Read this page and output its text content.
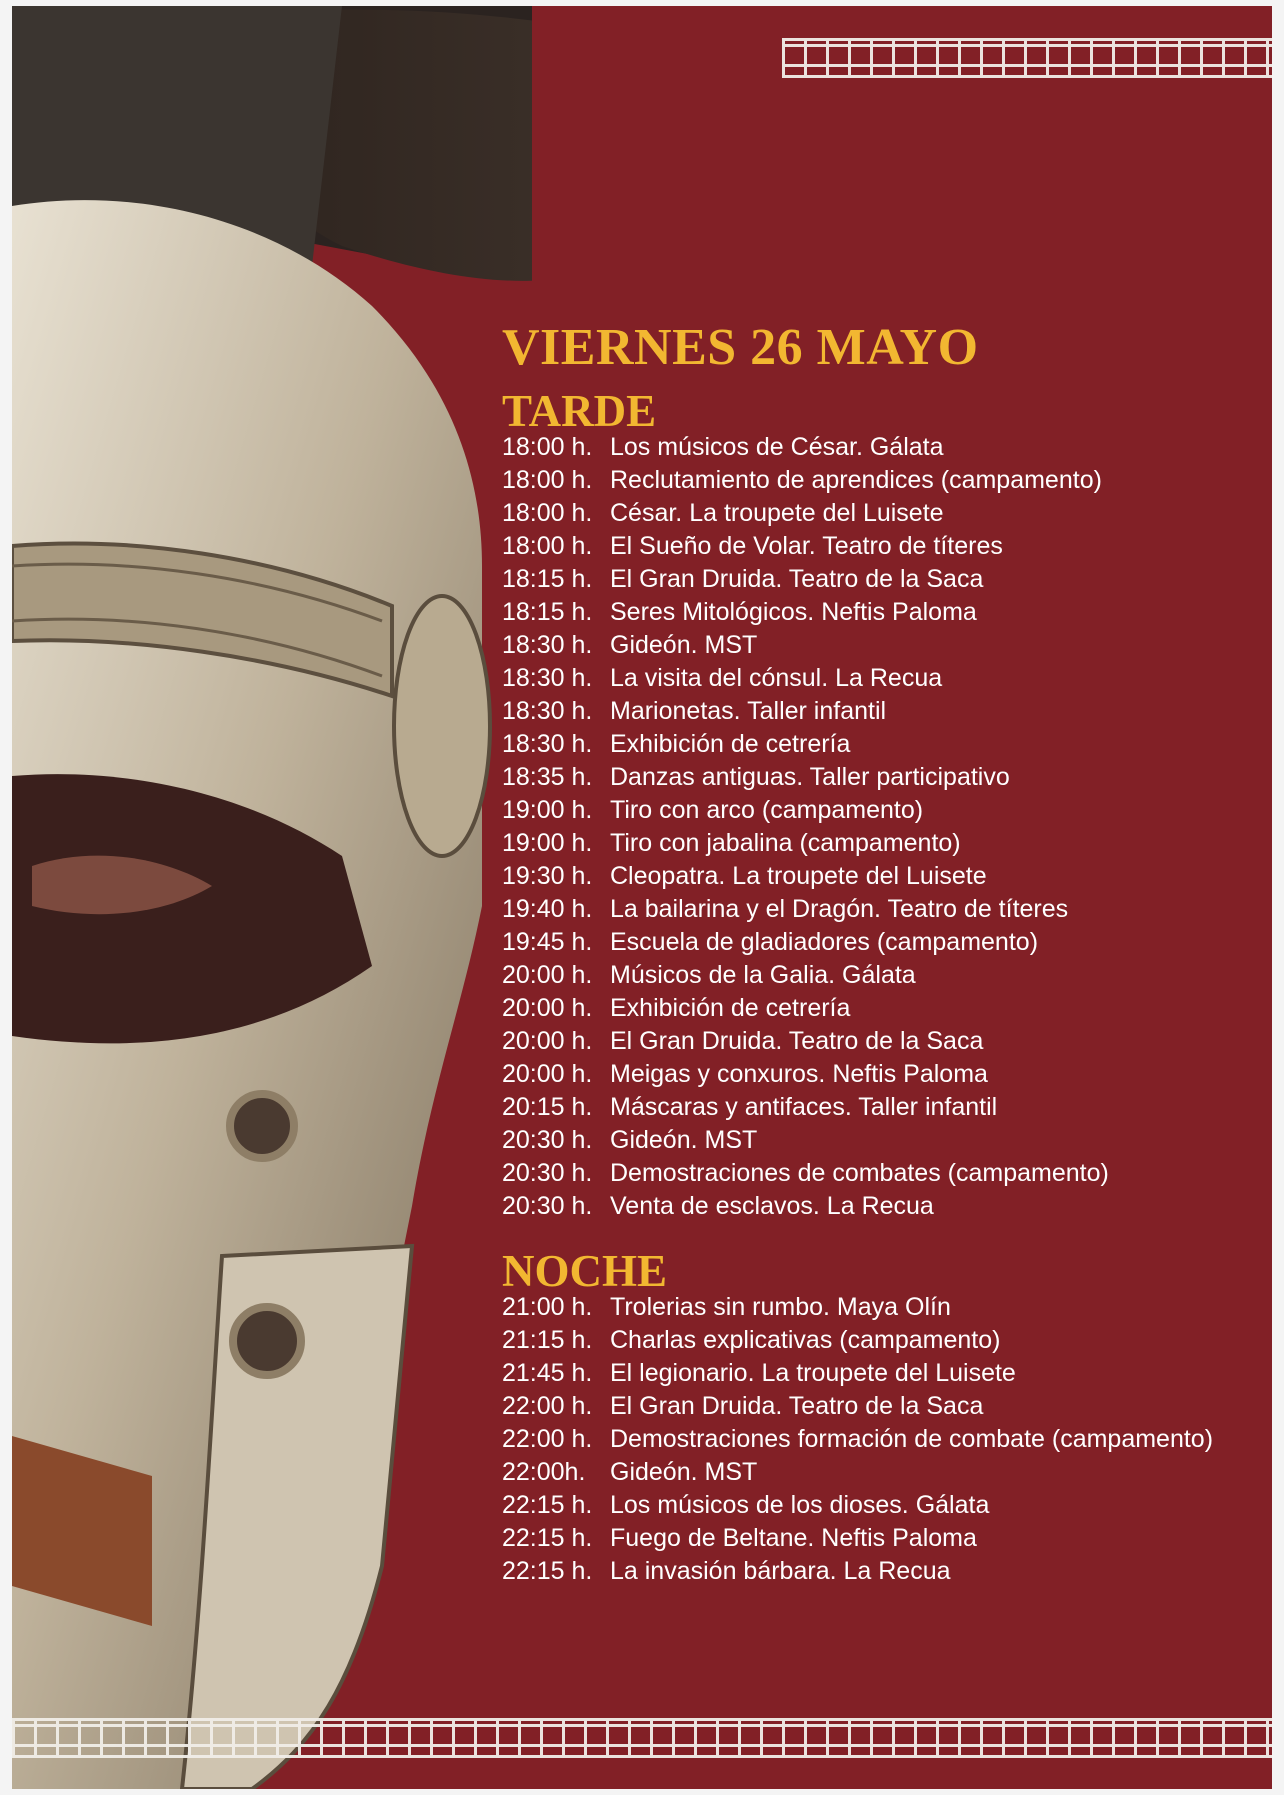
VIERNES 26 MAYO
TARDE
18:00 h. Los músicos de César. Gálata
18:00 h. Reclutamiento de aprendices (campamento)
18:00 h. César. La troupete del Luisete
18:00 h. El Sueño de Volar. Teatro de títeres
18:15 h. El Gran Druida. Teatro de la Saca
18:15 h. Seres Mitológicos. Neftis Paloma
18:30 h. Gideón. MST
18:30 h. La visita del cónsul. La Recua
18:30 h. Marionetas. Taller infantil
18:30 h. Exhibición de cetrería
18:35 h. Danzas antiguas. Taller participativo
19:00 h. Tiro con arco (campamento)
19:00 h. Tiro con jabalina (campamento)
19:30 h. Cleopatra. La troupete del Luisete
19:40 h. La bailarina y el Dragón. Teatro de títeres
19:45 h. Escuela de gladiadores (campamento)
20:00 h. Músicos de la Galia. Gálata
20:00 h. Exhibición de cetrería
20:00 h. El Gran Druida. Teatro de la Saca
20:00 h. Meigas y conxuros. Neftis Paloma
20:15 h. Máscaras y antifaces. Taller infantil
20:30 h. Gideón. MST
20:30 h. Demostraciones de combates (campamento)
20:30 h. Venta de esclavos. La Recua
NOCHE
21:00 h. Trolerias sin rumbo. Maya Olín
21:15 h. Charlas explicativas (campamento)
21:45 h. El legionario. La troupete del Luisete
22:00 h. El Gran Druida. Teatro de la Saca
22:00 h. Demostraciones formación de combate (campamento)
22:00h. Gideón. MST
22:15 h. Los músicos de los dioses. Gálata
22:15 h. Fuego de Beltane. Neftis Paloma
22:15 h. La invasión bárbara. La Recua
